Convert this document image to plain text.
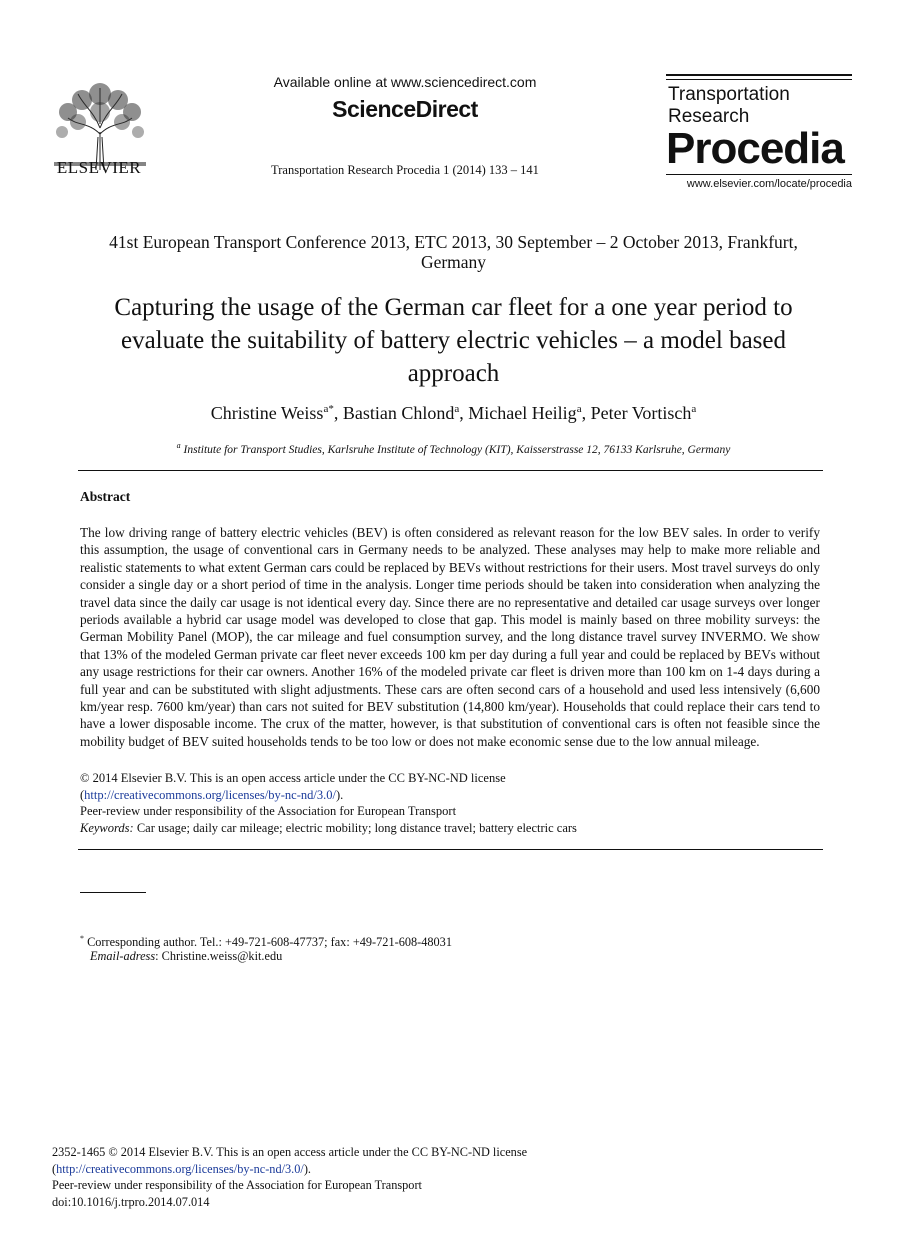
ELSEVIER
Available online at www.sciencedirect.com
ScienceDirect
Transportation Research Procedia 1 (2014) 133 – 141
Transportation
Research
Procedia
www.elsevier.com/locate/procedia
41st European Transport Conference 2013, ETC 2013, 30 September – 2 October 2013, Frankfurt,
Germany
Capturing the usage of the German car fleet for a one year period to
evaluate the suitability of battery electric vehicles – a model based
approach
Christine Weiss$^{a*}$, Bastian Chlond$^a$, Michael Heilig$^a$, Peter Vortisch$^a$
$^a$ Institute for Transport Studies, Karlsruhe Institute of Technology (KIT), Kaisserstrasse 12, 76133 Karlsruhe, Germany
Abstract
The low driving range of battery electric vehicles (BEV) is often considered as relevant reason for the low BEV sales. In order to verify this assumption, the usage of conventional cars in Germany needs to be analyzed. These analyses may help to make more reliable and realistic statements to what extent German cars could be replaced by BEVs without restrictions for their users. Most travel surveys do only consider a single day or a short period of time in the analysis. Longer time periods should be taken into consideration when analyzing the travel data since the daily car usage is not identical every day. Since there are no representative and detailed car usage surveys over longer periods available a hybrid car usage model was developed to close that gap. This model is mainly based on three mobility surveys: the German Mobility Panel (MOP), the car mileage and fuel consumption survey, and the long distance travel survey INVERMO. We show that 13% of the modeled German private car fleet never exceeds 100 km per day during a full year and could be replaced by BEVs without any usage restrictions for their car owners. Another 16% of the modeled private car fleet is driven more than 100 km on 1-4 days during a full year and can be substituted with slight adjustments. These cars are often second cars of a household and used less intensively (6,600 km/year resp. 7600 km/year) than cars not suited for BEV substitution (14,800 km/year). Households that could replace their cars tend to have a lower disposable income. The crux of the matter, however, is that substitution of conventional cars is often not feasible since the mobility budget of BEV suited households tends to be too low or does not make economic sense due to the low annual mileage.
© 2014 Elsevier B.V. This is an open access article under the CC BY-NC-ND license
(http://creativecommons.org/licenses/by-nc-nd/3.0/).
Peer-review under responsibility of the Association for European Transport
Keywords: Car usage; daily car mileage; electric mobility; long distance travel; battery electric cars
* Corresponding author. Tel.: +49-721-608-47737; fax: +49-721-608-48031
Email-adress: Christine.weiss@kit.edu
2352-1465 © 2014 Elsevier B.V. This is an open access article under the CC BY-NC-ND license
(http://creativecommons.org/licenses/by-nc-nd/3.0/).
Peer-review under responsibility of the Association for European Transport
doi:10.1016/j.trpro.2014.07.014
